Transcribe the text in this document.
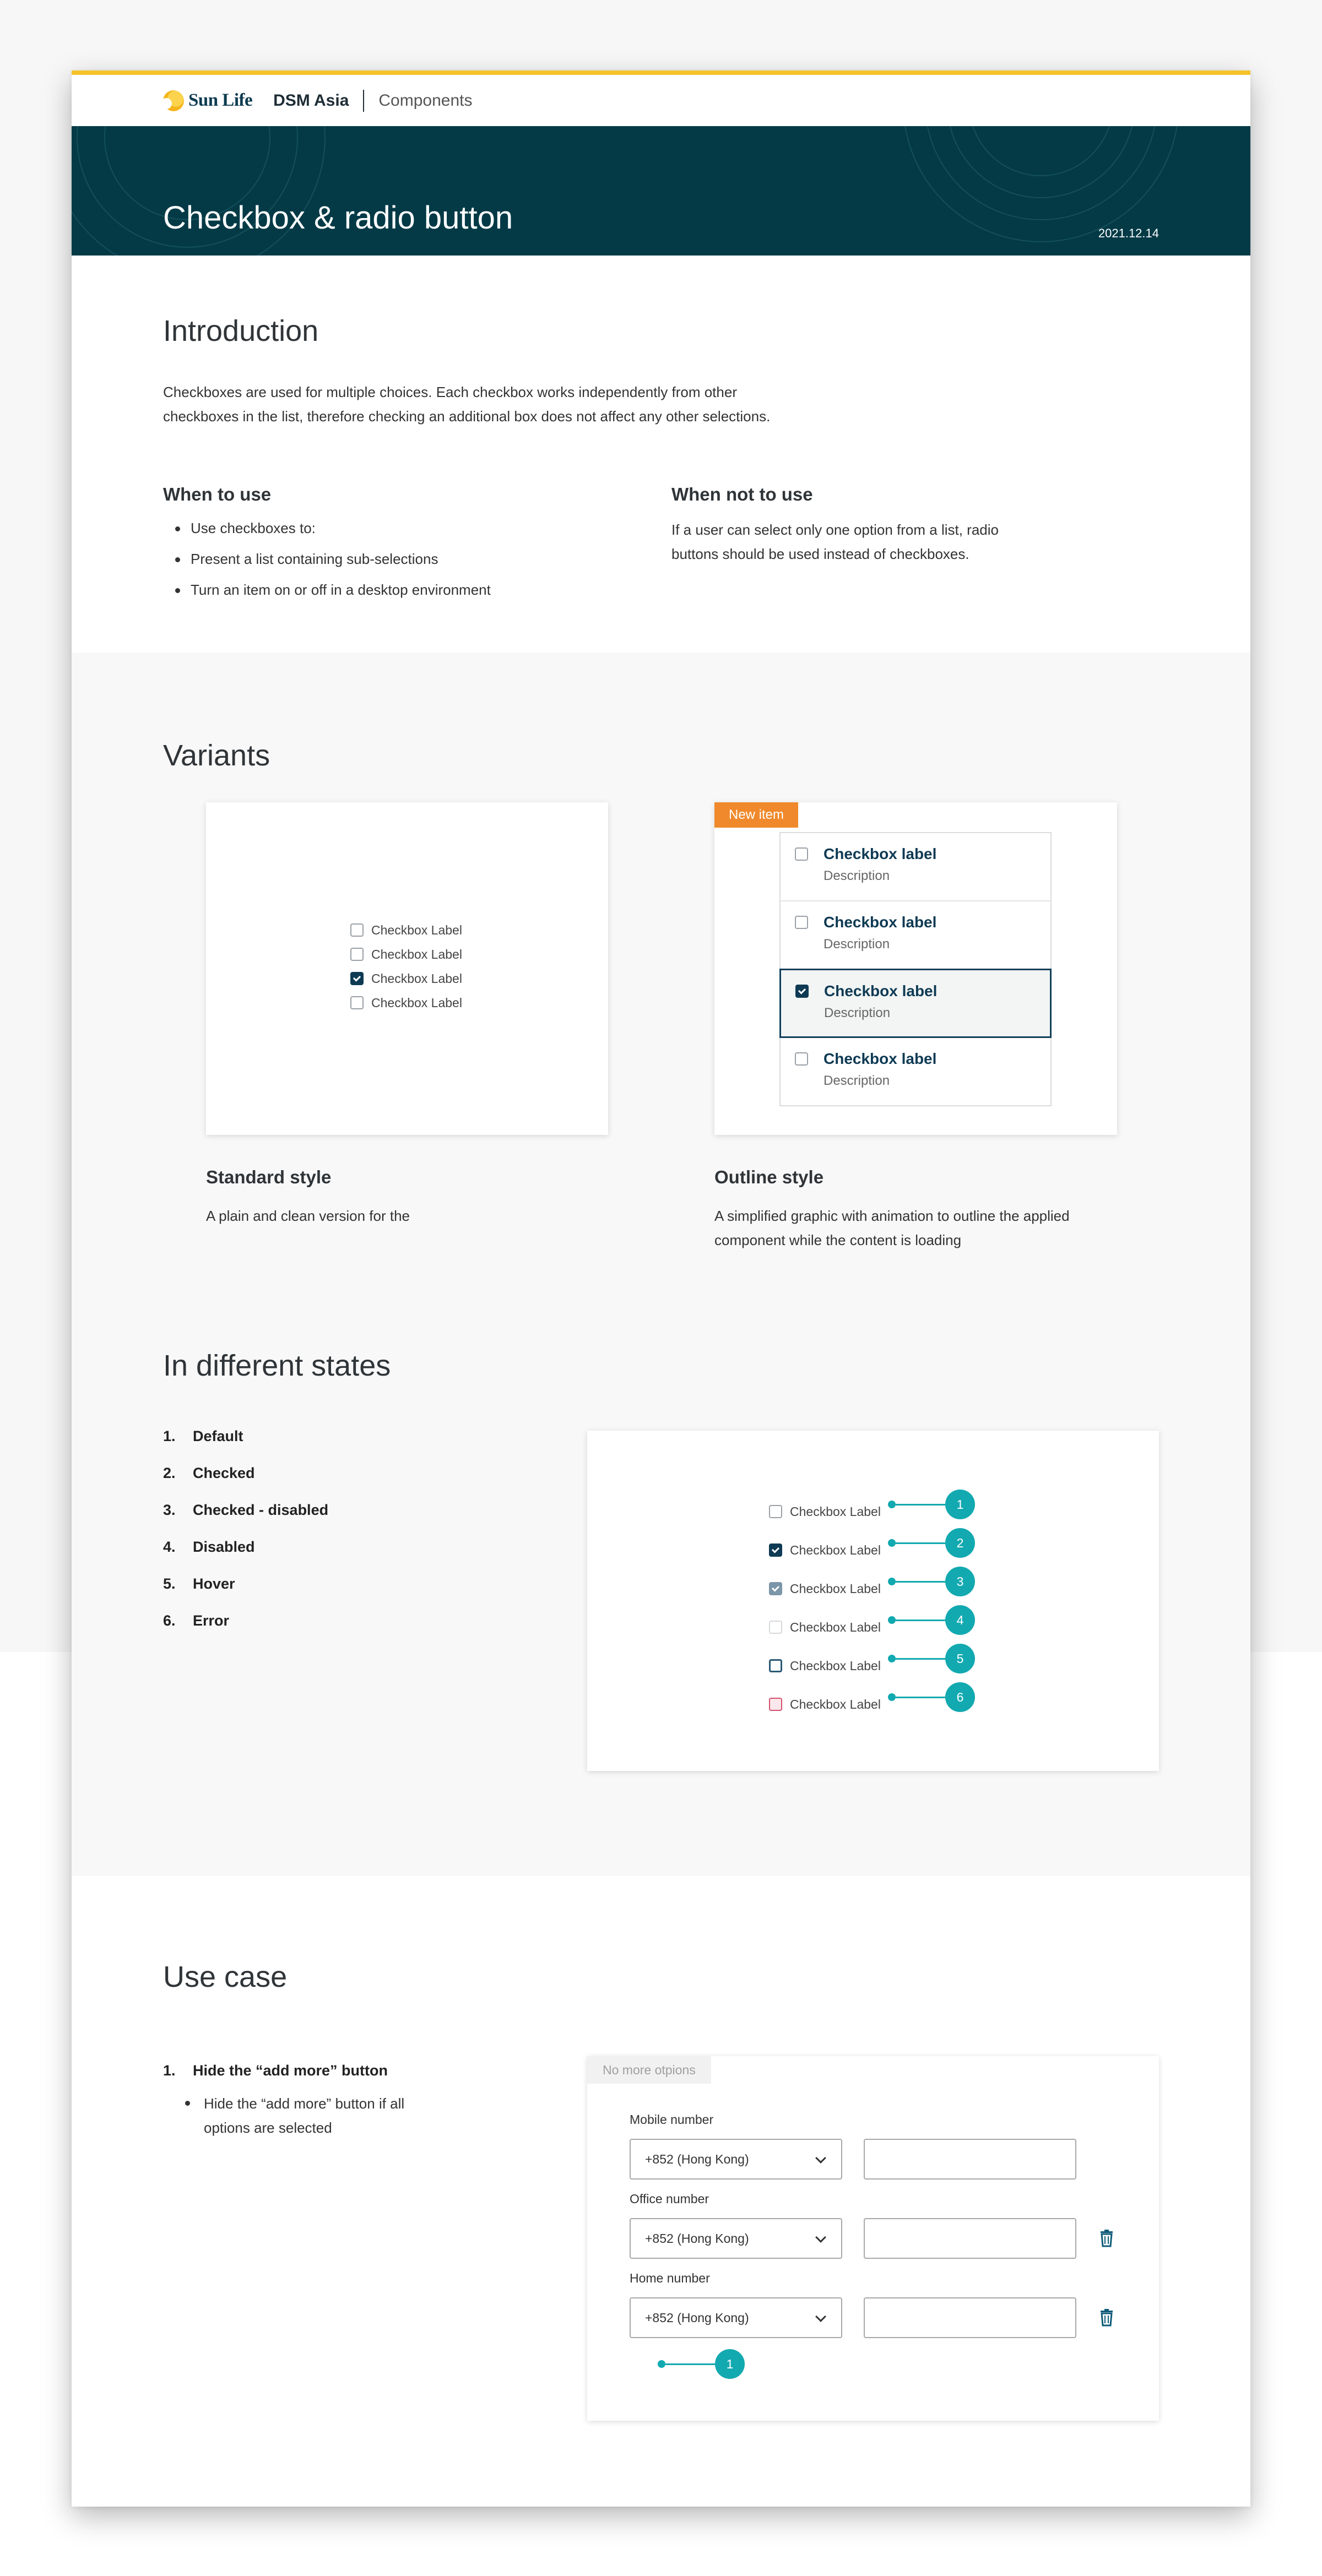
Sun Life DSM Asia Components
Checkbox & radio button	2021.12.14
Introduction

Checkboxes are used for multiple choices. Each checkbox works independently from other

checkboxes in the list, therefore checking an additional box does not affect any other selections.

When to use
Use checkboxes to:
Present a list containing sub-selections
Turn an item on or off in a desktop environment
When not to use

If a user can select only one option from a list, radio

buttons should be used instead of checkboxes.

Variants
Checkbox Label
Checkbox Label
Checkbox Label
Checkbox Label
Standard style

A plain and clean version for the

New item
Checkbox label
Description
Checkbox label
Description
Checkbox label
Description
Checkbox label
Description
Outline style

A simplified graphic with animation to outline the applied

component while the content is loading

In different states
1.	Default
2.	Checked
3.	Checked - disabled
4.	Disabled
5.	Hover
6.	Error
Checkbox Label
Checkbox Label
Checkbox Label
Checkbox Label
Checkbox Label
Checkbox Label
1
2
3
4
5
6
Use case
1.	Hide the “add more” button
Hide the “add more” button if all
options are selected
No more otpions
Mobile number
+852 (Hong Kong)
Office number
+852 (Hong Kong)
Home number
+852 (Hong Kong)
1
